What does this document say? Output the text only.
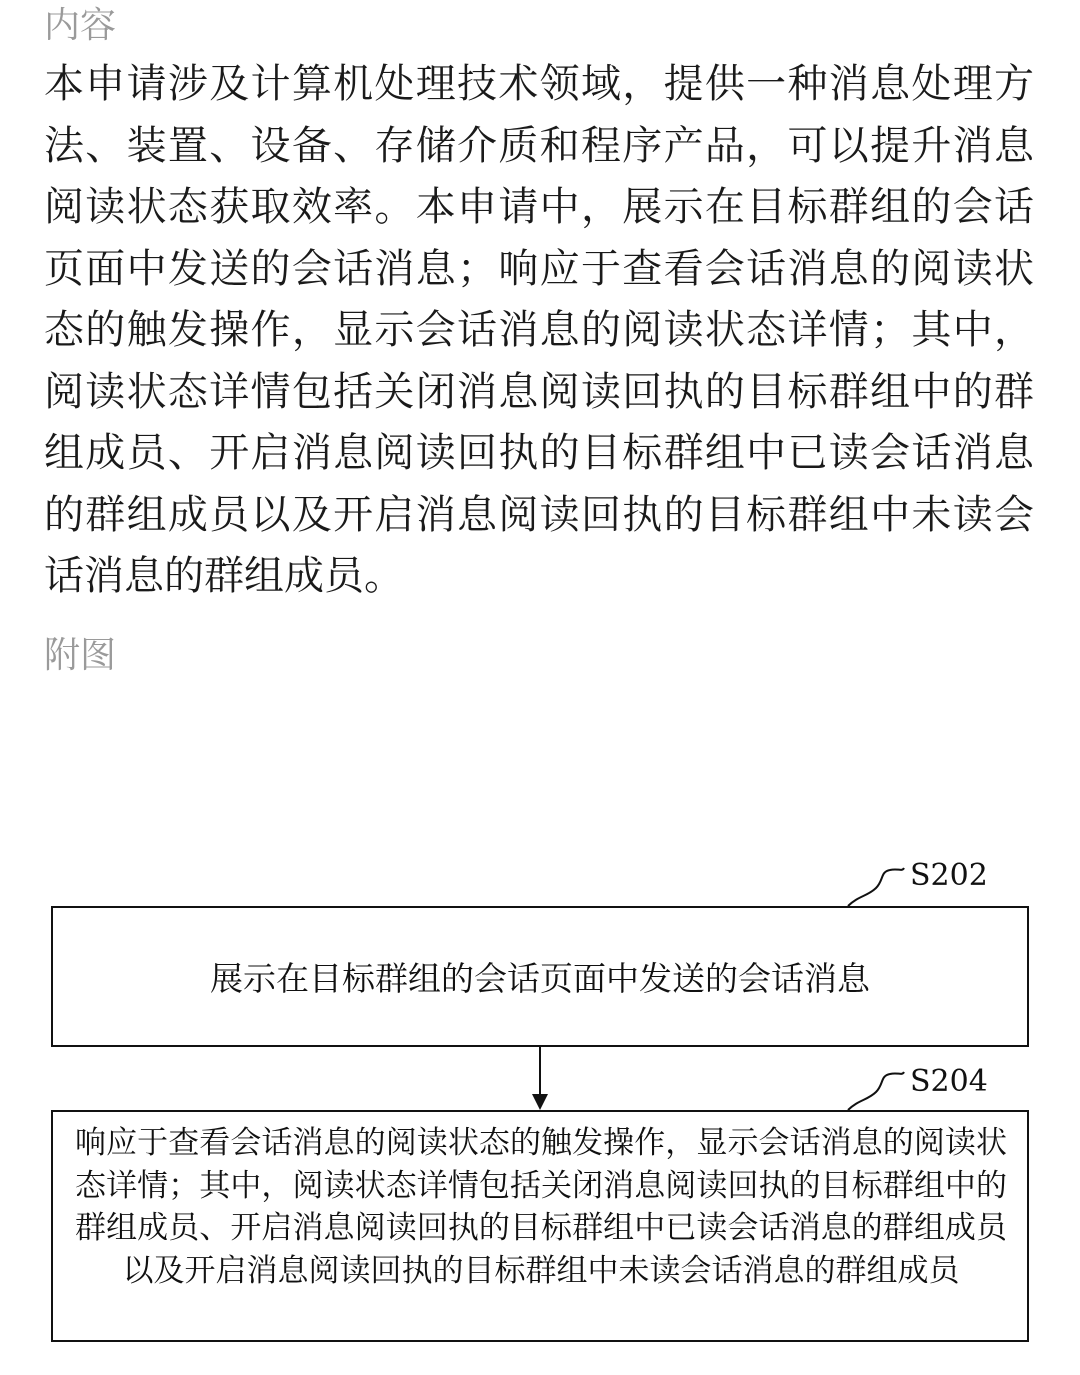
内容

本申请涉及计算机处理技术领域，提供一种消息处理方法、装置、设备、存储介质和程序产品，可以提升消息阅读状态获取效率。本申请中，展示在目标群组的会话页面中发送的会话消息；响应于查看会话消息的阅读状态的触发操作，显示会话消息的阅读状态详情；其中，阅读状态详情包括关闭消息阅读回执的目标群组中的群组成员、开启消息阅读回执的目标群组中已读会话消息的群组成员以及开启消息阅读回执的目标群组中未读会话消息的群组成员。

附图
S202
展示在目标群组的会话页面中发送的会话消息
S204
响应于查看会话消息的阅读状态的触发操作，显示会话消息的阅读状态详情；其中，阅读状态详情包括关闭消息阅读回执的目标群组中的群组成员、开启消息阅读回执的目标群组中已读会话消息的群组成员以及开启消息阅读回执的目标群组中未读会话消息的群组成员
